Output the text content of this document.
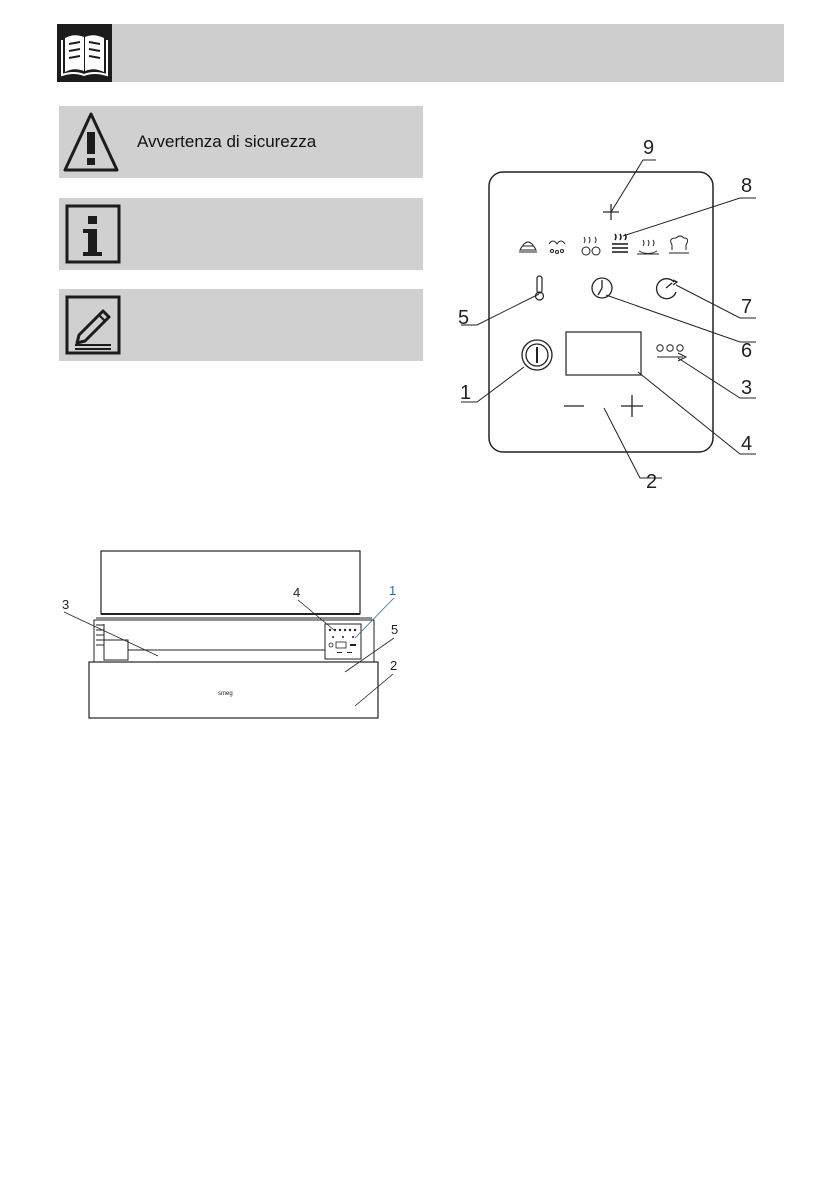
Avvertenza di sicurezza	9
8
5	7
6
1	3
4
2
smeg
3
4	1
5
2
